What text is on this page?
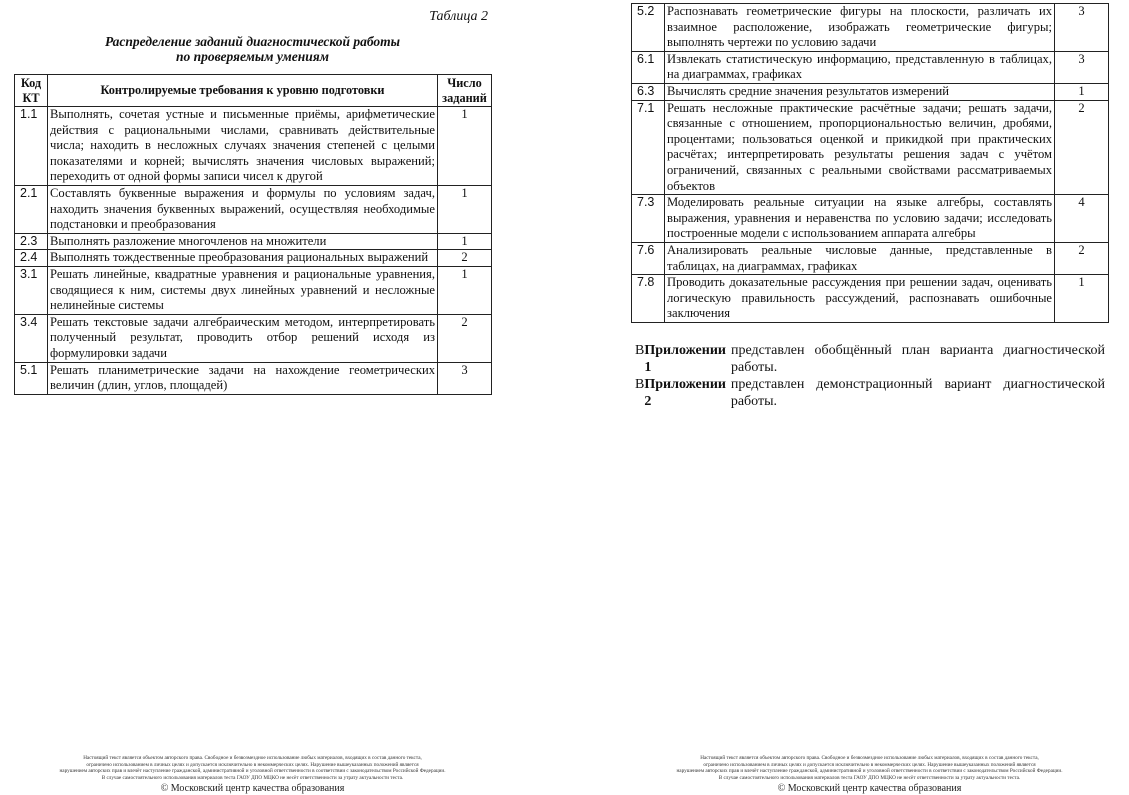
Таблица 2
Распределение заданий диагностической работы
по проверяемым умениям
Код КТ	Контролируемые требования к уровню подготовки	Число заданий
1.1	Выполнять, сочетая устные и письменные приёмы, арифметические действия с рациональными числами, сравнивать действительные числа; находить в несложных случаях значения степеней с целыми показателями и корней; вычислять значения числовых выражений; переходить от одной формы записи чисел к другой	1
2.1	Составлять буквенные выражения и формулы по условиям задач, находить значения буквенных выражений, осуществляя необходимые подстановки и преобразования	1
2.3	Выполнять разложение многочленов на множители	1
2.4	Выполнять тождественные преобразования рациональных выражений	2
3.1	Решать линейные, квадратные уравнения и рациональные уравнения, сводящиеся к ним, системы двух линейных уравнений и несложные нелинейные системы	1
3.4	Решать текстовые задачи алгебраическим методом, интерпретировать полученный результат, проводить отбор решений исходя из формулировки задачи	2
5.1	Решать планиметрические задачи на нахождение геометрических величин (длин, углов, площадей)	3
Настоящий текст является объектом авторского права. Свободное и безвозмездное использование любых материалов, входящих в состав данного текста,
ограничено использованием в личных целях и допускается исключительно в некоммерческих целях. Нарушение вышеуказанных положений является
нарушением авторских прав и влечёт наступление гражданской, административной и уголовной ответственности в соответствии с законодательством Российской Федерации.
В случае самостоятельного использования материалов теста ГАОУ ДПО МЦКО не несёт ответственности за утрату актуальности теста.
© Московский центр качества образования
5.2	Распознавать геометрические фигуры на плоскости, различать их взаимное расположение, изображать геометрические фигуры; выполнять чертежи по условию задачи	3
6.1	Извлекать статистическую информацию, представленную в таблицах, на диаграммах, графиках	3
6.3	Вычислять средние значения результатов измерений	1
7.1	Решать несложные практические расчётные задачи; решать задачи, связанные с отношением, пропорциональностью величин, дробями, процентами; пользоваться оценкой и прикидкой при практических расчётах; интерпретировать результаты решения задач с учётом ограничений, связанных с реальными свойствами рассматриваемых объектов	2
7.3	Моделировать реальные ситуации на языке алгебры, составлять выражения, уравнения и неравенства по условию задачи; исследовать построенные модели с использованием аппарата алгебры	4
7.6	Анализировать реальные числовые данные, представленные в таблицах, на диаграммах, графиках	2
7.8	Проводить доказательные рассуждения при решении задач, оценивать логическую правильность рассуждений, распознавать ошибочные заключения	1

В Приложении 1
представлен обобщённый план варианта диагностической работы.

В Приложении 2
представлен демонстрационный вариант диагностической работы.

Настоящий текст является объектом авторского права. Свободное и безвозмездное использование любых материалов, входящих в состав данного текста,
ограничено использованием в личных целях и допускается исключительно в некоммерческих целях. Нарушение вышеуказанных положений является
нарушением авторских прав и влечёт наступление гражданской, административной и уголовной ответственности в соответствии с законодательством Российской Федерации.
В случае самостоятельного использования материалов теста ГАОУ ДПО МЦКО не несёт ответственности за утрату актуальности теста.
© Московский центр качества образования
